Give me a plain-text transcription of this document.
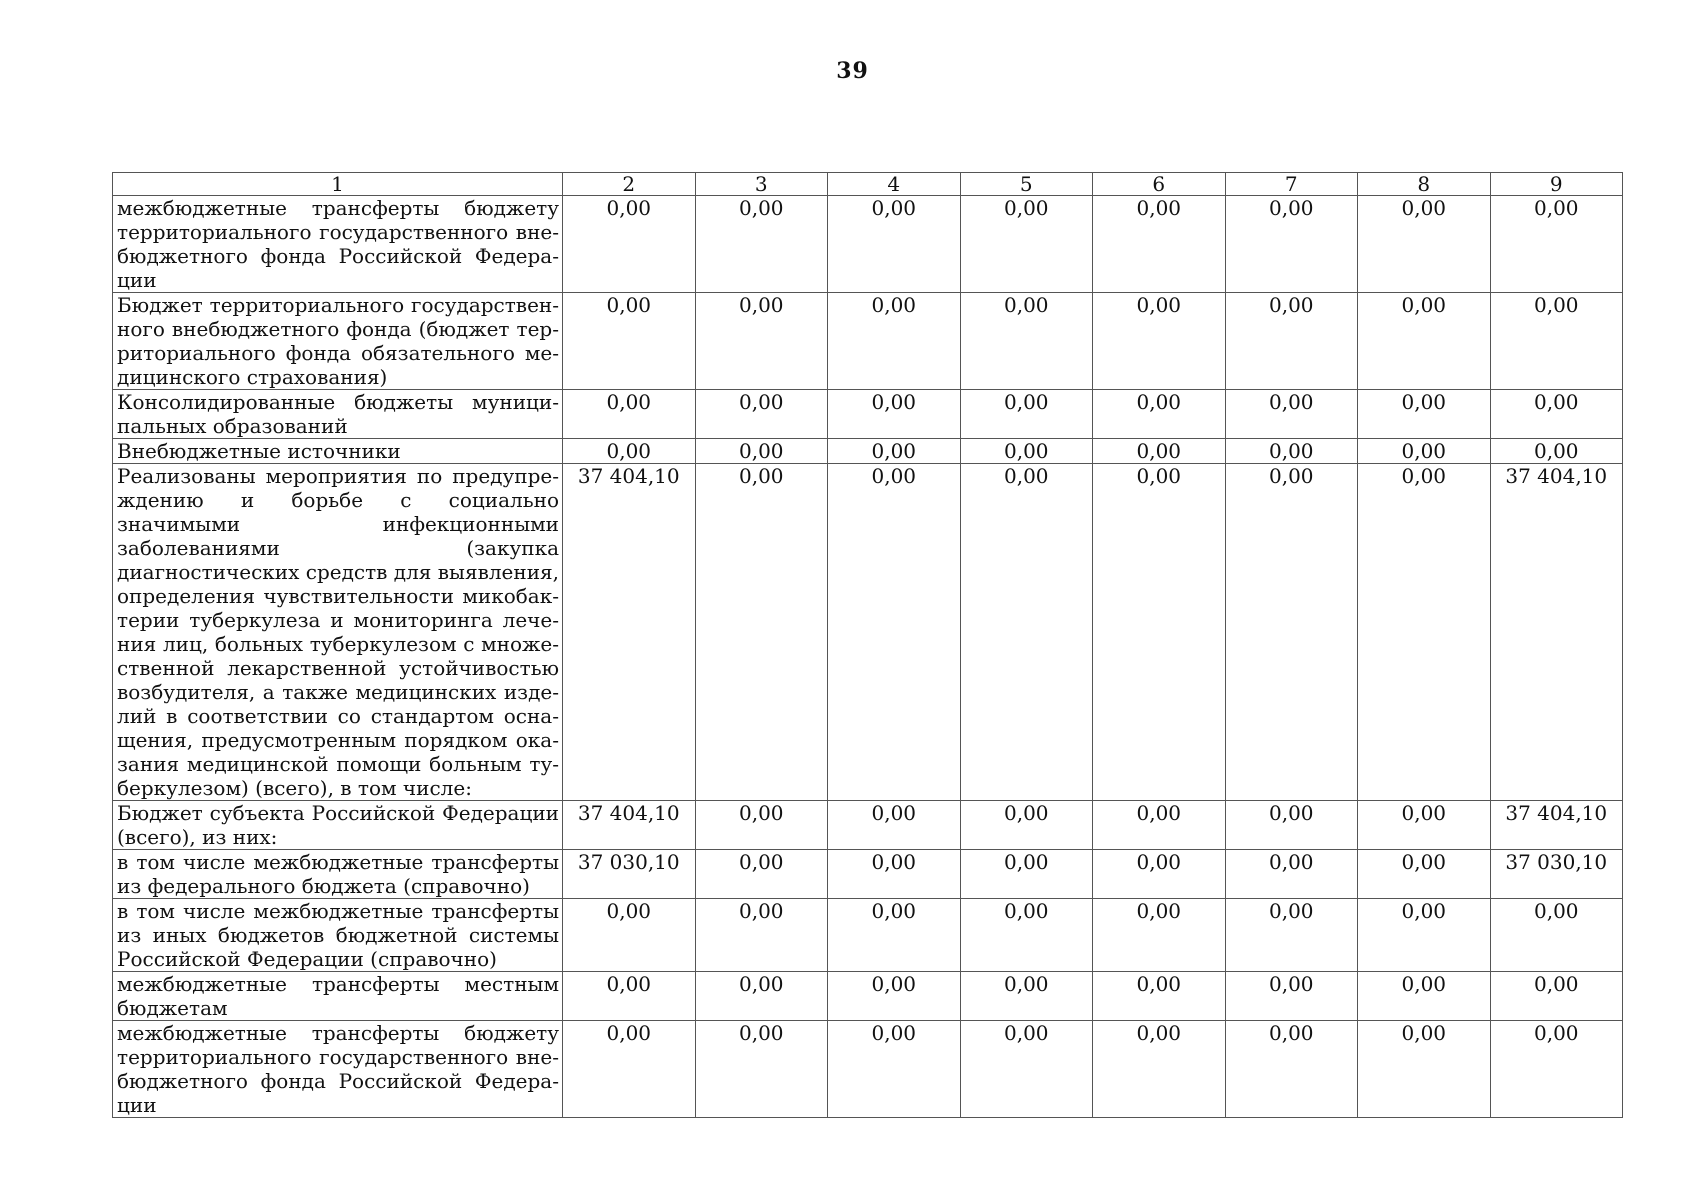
39
1	2	3	4	5	6	7	8	9
межбюджетные трансферты бюджету территориального государственного внебюджетного фонда Российской Федерации	0,00	0,00	0,00	0,00	0,00	0,00	0,00	0,00
Бюджет территориального государственного внебюджетного фонда (бюджет территориального фонда обязательного медицинского страхования)	0,00	0,00	0,00	0,00	0,00	0,00	0,00	0,00
Консолидированные бюджеты муниципальных образований	0,00	0,00	0,00	0,00	0,00	0,00	0,00	0,00
Внебюджетные источники	0,00	0,00	0,00	0,00	0,00	0,00	0,00	0,00
Реализованы мероприятия по предупреждению и борьбе с социально значимыми инфекционными заболеваниями (закупка диагностических средств для выявления, определения чувствительности микобактерии туберкулеза и мониторинга лечения лиц, больных туберкулезом с множественной лекарственной устойчивостью возбудителя, а также медицинских изделий в соответствии со стандартом оснащения, предусмотренным порядком оказания медицинской помощи больным туберкулезом) (всего), в том числе:	37 404,10	0,00	0,00	0,00	0,00	0,00	0,00	37 404,10
Бюджет субъекта Российской Федерации (всего), из них:	37 404,10	0,00	0,00	0,00	0,00	0,00	0,00	37 404,10
в том числе межбюджетные трансферты из федерального бюджета (справочно)	37 030,10	0,00	0,00	0,00	0,00	0,00	0,00	37 030,10
в том числе межбюджетные трансферты из иных бюджетов бюджетной системы Российской Федерации (справочно)	0,00	0,00	0,00	0,00	0,00	0,00	0,00	0,00
межбюджетные трансферты местным бюджетам	0,00	0,00	0,00	0,00	0,00	0,00	0,00	0,00
межбюджетные трансферты бюджету территориального государственного внебюджетного фонда Российской Федерации	0,00	0,00	0,00	0,00	0,00	0,00	0,00	0,00
